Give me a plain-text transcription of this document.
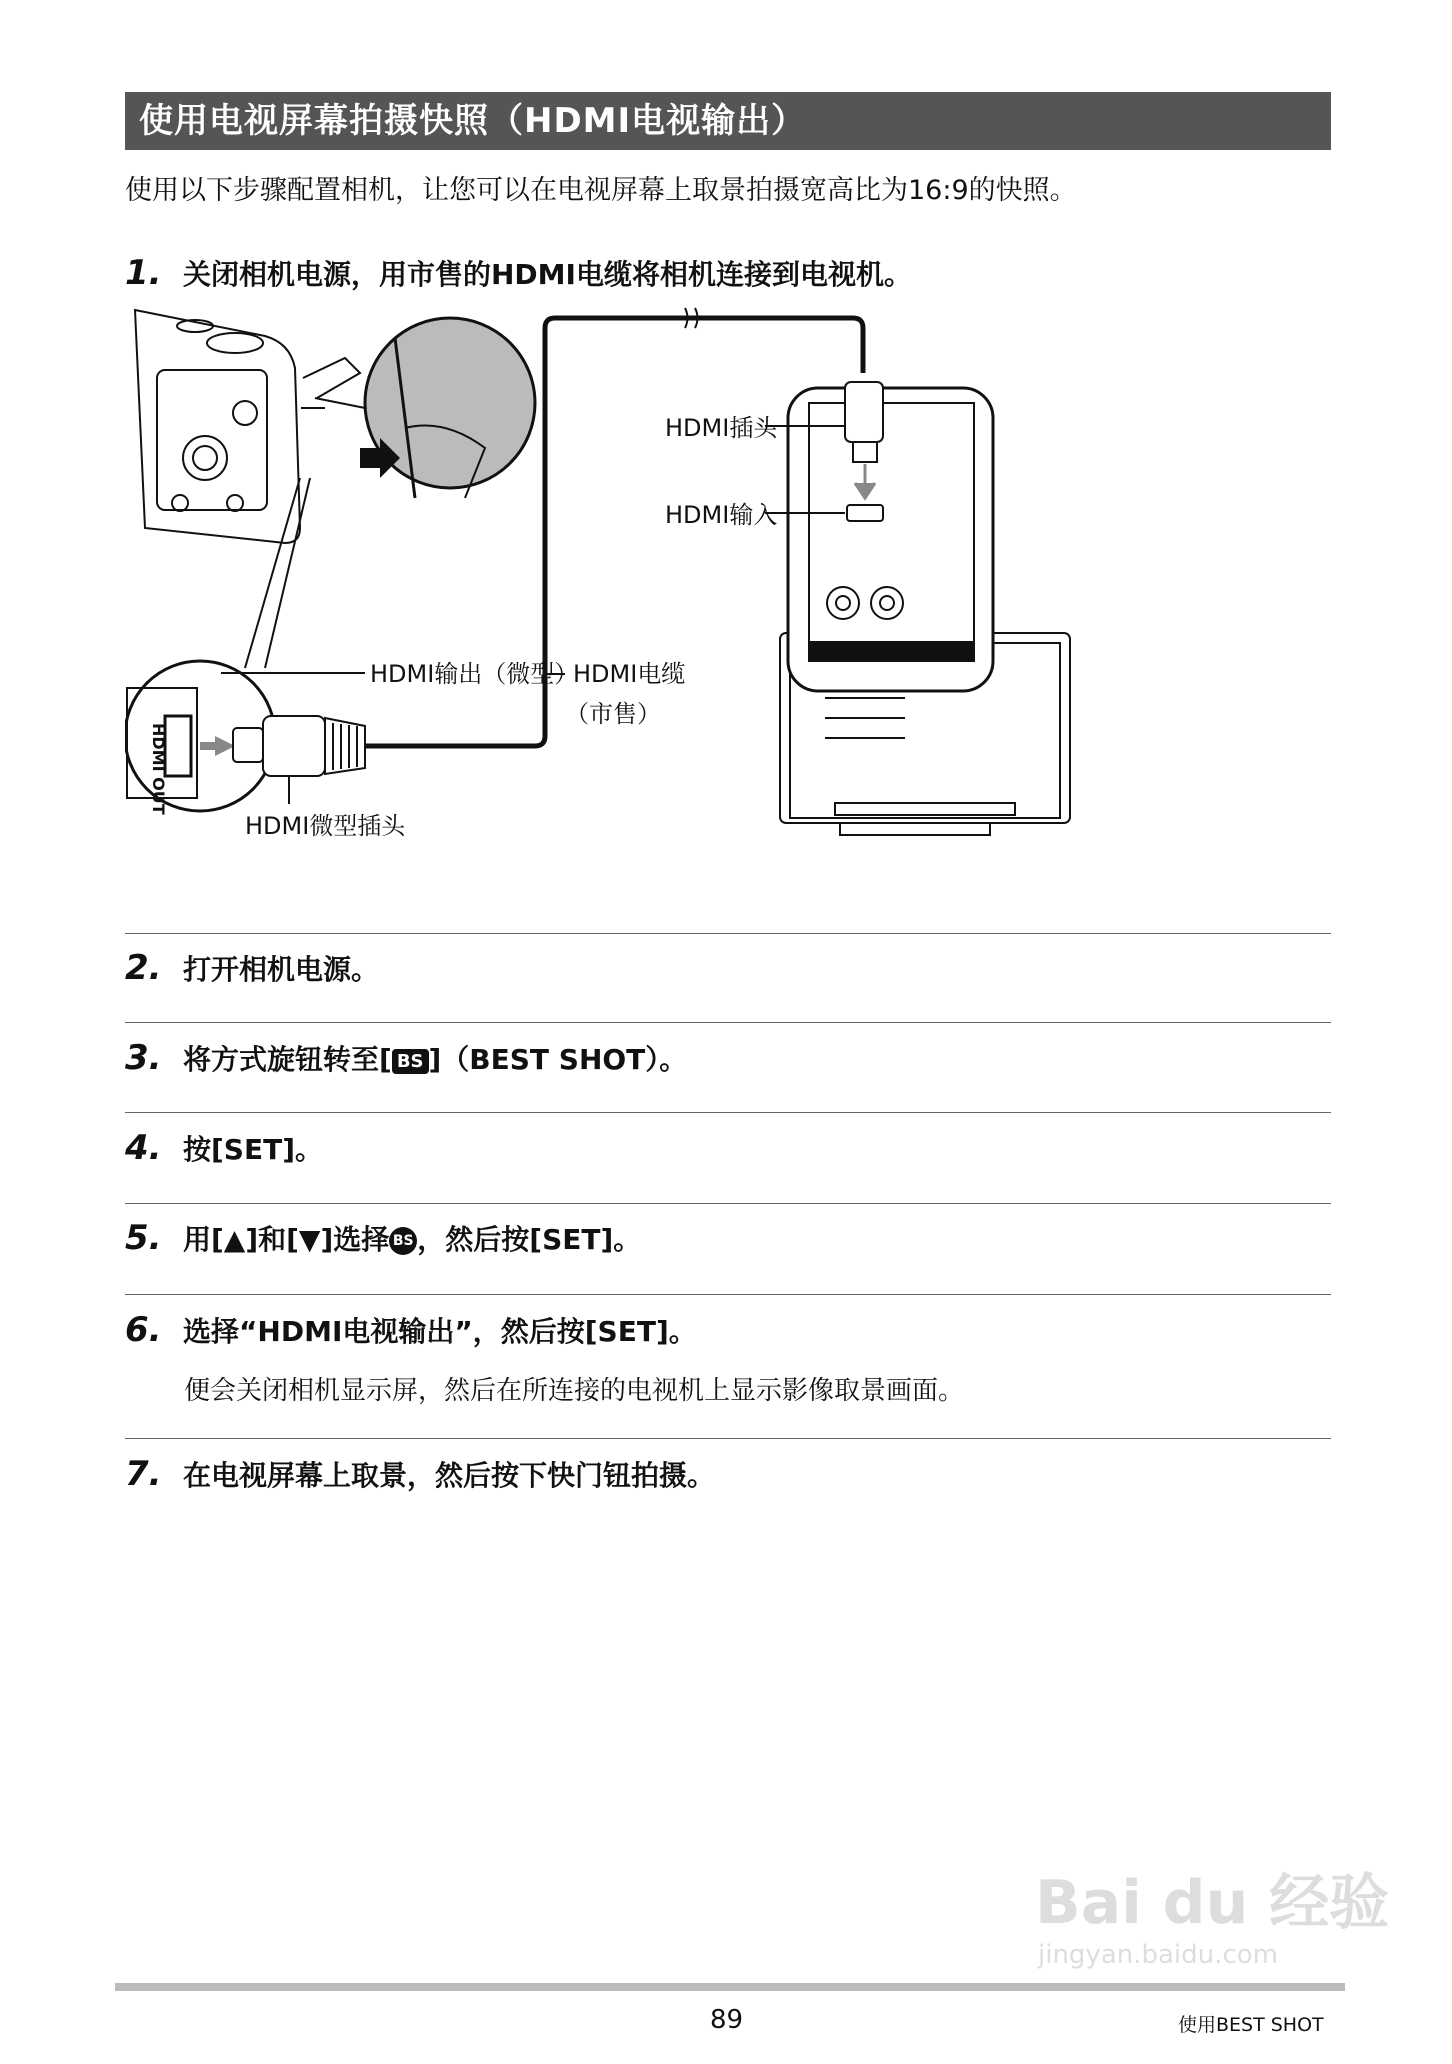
使用电视屏幕拍摄快照（HDMI电视输出）
使用以下步骤配置相机，让您可以在电视屏幕上取景拍摄宽高比为16:9的快照。
1. 关闭相机电源，用市售的HDMI电缆将相机连接到电视机。
HDMI OUT
HDMI插头
HDMI输入
HDMI输出（微型）
HDMI电缆
（市售）
HDMI微型插头
2. 打开相机电源。
3. 将方式旋钮转至[ BS ]（BEST SHOT）。
4. 按[SET]。
5. 用[▲]和[▼]选择 BS ，然后按[SET]。
6. 选择“HDMI电视输出”，然后按[SET]。
便会关闭相机显示屏，然后在所连接的电视机上显示影像取景画面。
7. 在电视屏幕上取景，然后按下快门钮拍摄。
Bai du 经验
jingyan.baidu.com
89	使用BEST SHOT
